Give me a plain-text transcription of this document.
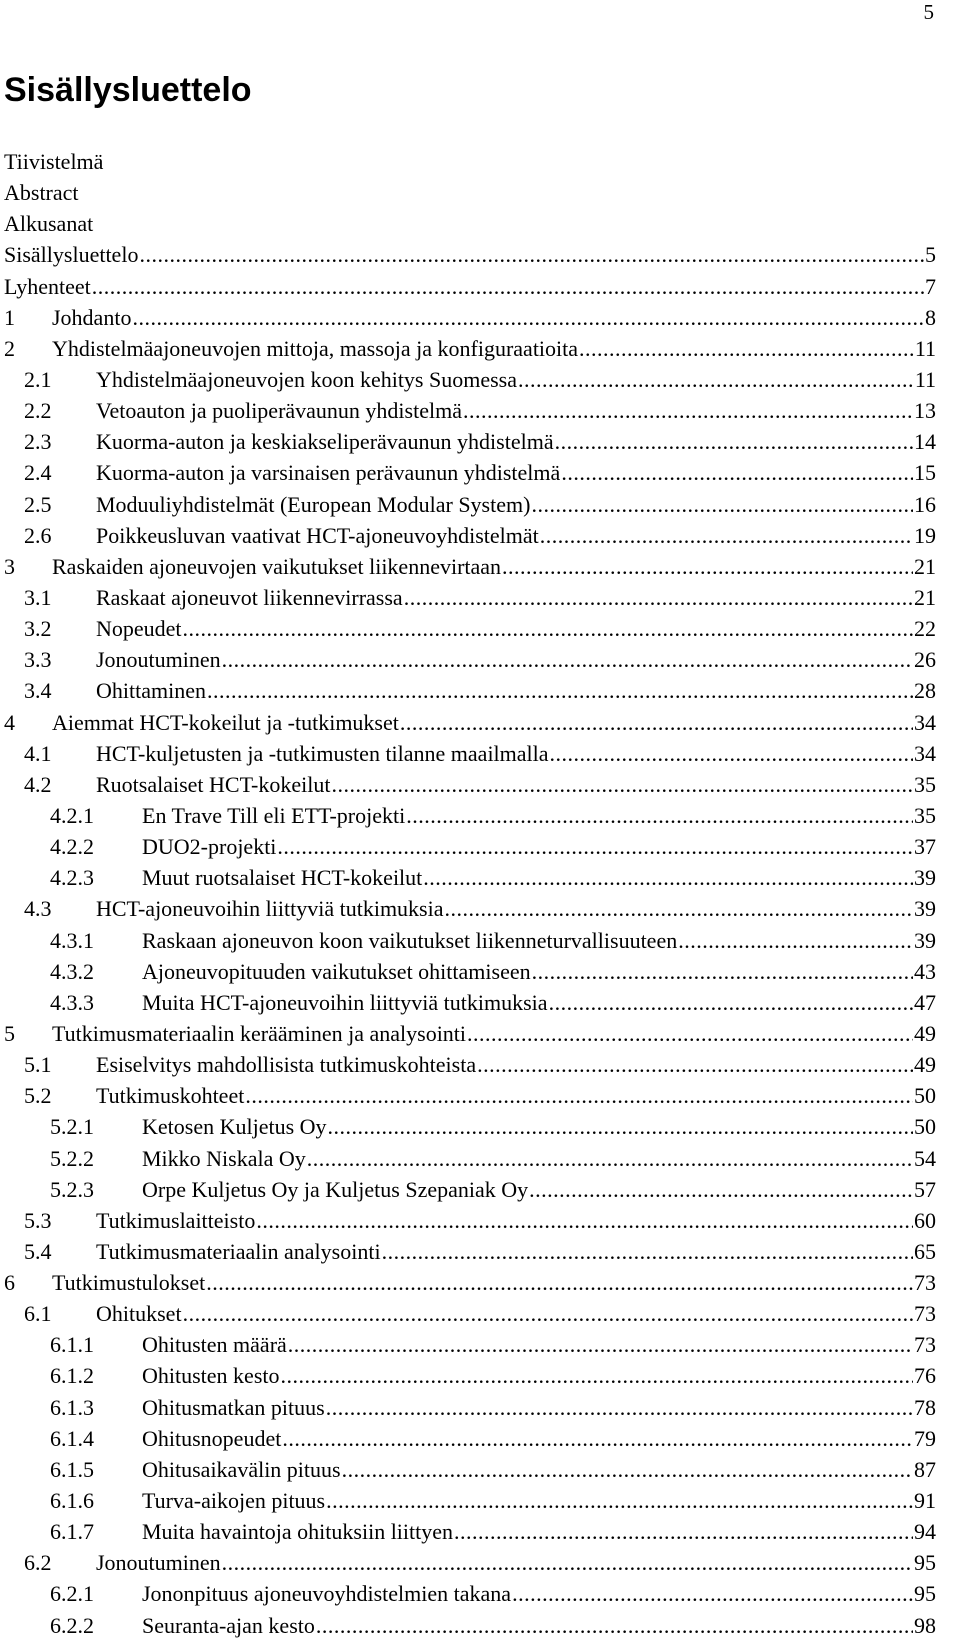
5
Sisällysluettelo
Tiivistelmä
Abstract
Alkusanat
Sisällysluettelo .....	5
Lyhenteet .....	7
1	Johdanto .....	8
2	Yhdistelmäajoneuvojen mittoja, massoja ja konfiguraatioita .....	11
2.1	Yhdistelmäajoneuvojen koon kehitys Suomessa .....	11
2.2	Vetoauton ja puoliperävaunun yhdistelmä .....	13
2.3	Kuorma-auton ja keskiakseliperävaunun yhdistelmä .....	14
2.4	Kuorma-auton ja varsinaisen perävaunun yhdistelmä .....	15
2.5	Moduuliyhdistelmät (European Modular System) .....	16
2.6	Poikkeusluvan vaativat HCT-ajoneuvoyhdistelmät .....	19
3	Raskaiden ajoneuvojen vaikutukset liikennevirtaan .....	21
3.1	Raskaat ajoneuvot liikennevirrassa .....	21
3.2	Nopeudet .....	22
3.3	Jonoutuminen .....	26
3.4	Ohittaminen .....	28
4	Aiemmat HCT-kokeilut ja -tutkimukset .....	34
4.1	HCT-kuljetusten ja -tutkimusten tilanne maailmalla .....	34
4.2	Ruotsalaiset HCT-kokeilut .....	35
4.2.1	En Trave Till eli ETT-projekti .....	35
4.2.2	DUO2-projekti .....	37
4.2.3	Muut ruotsalaiset HCT-kokeilut .....	39
4.3	HCT-ajoneuvoihin liittyviä tutkimuksia .....	39
4.3.1	Raskaan ajoneuvon koon vaikutukset liikenneturvallisuuteen .....	39
4.3.2	Ajoneuvopituuden vaikutukset ohittamiseen .....	43
4.3.3	Muita HCT-ajoneuvoihin liittyviä tutkimuksia .....	47
5	Tutkimusmateriaalin kerääminen ja analysointi .....	49
5.1	Esiselvitys mahdollisista tutkimuskohteista .....	49
5.2	Tutkimuskohteet .....	50
5.2.1	Ketosen Kuljetus Oy .....	50
5.2.2	Mikko Niskala Oy .....	54
5.2.3	Orpe Kuljetus Oy ja Kuljetus Szepaniak Oy .....	57
5.3	Tutkimuslaitteisto .....	60
5.4	Tutkimusmateriaalin analysointi .....	65
6	Tutkimustulokset .....	73
6.1	Ohitukset .....	73
6.1.1	Ohitusten määrä .....	73
6.1.2	Ohitusten kesto .....	76
6.1.3	Ohitusmatkan pituus .....	78
6.1.4	Ohitusnopeudet .....	79
6.1.5	Ohitusaikavälin pituus .....	87
6.1.6	Turva-aikojen pituus .....	91
6.1.7	Muita havaintoja ohituksiin liittyen .....	94
6.2	Jonoutuminen .....	95
6.2.1	Jononpituus ajoneuvoyhdistelmien takana .....	95
6.2.2	Seuranta-ajan kesto .....	98
